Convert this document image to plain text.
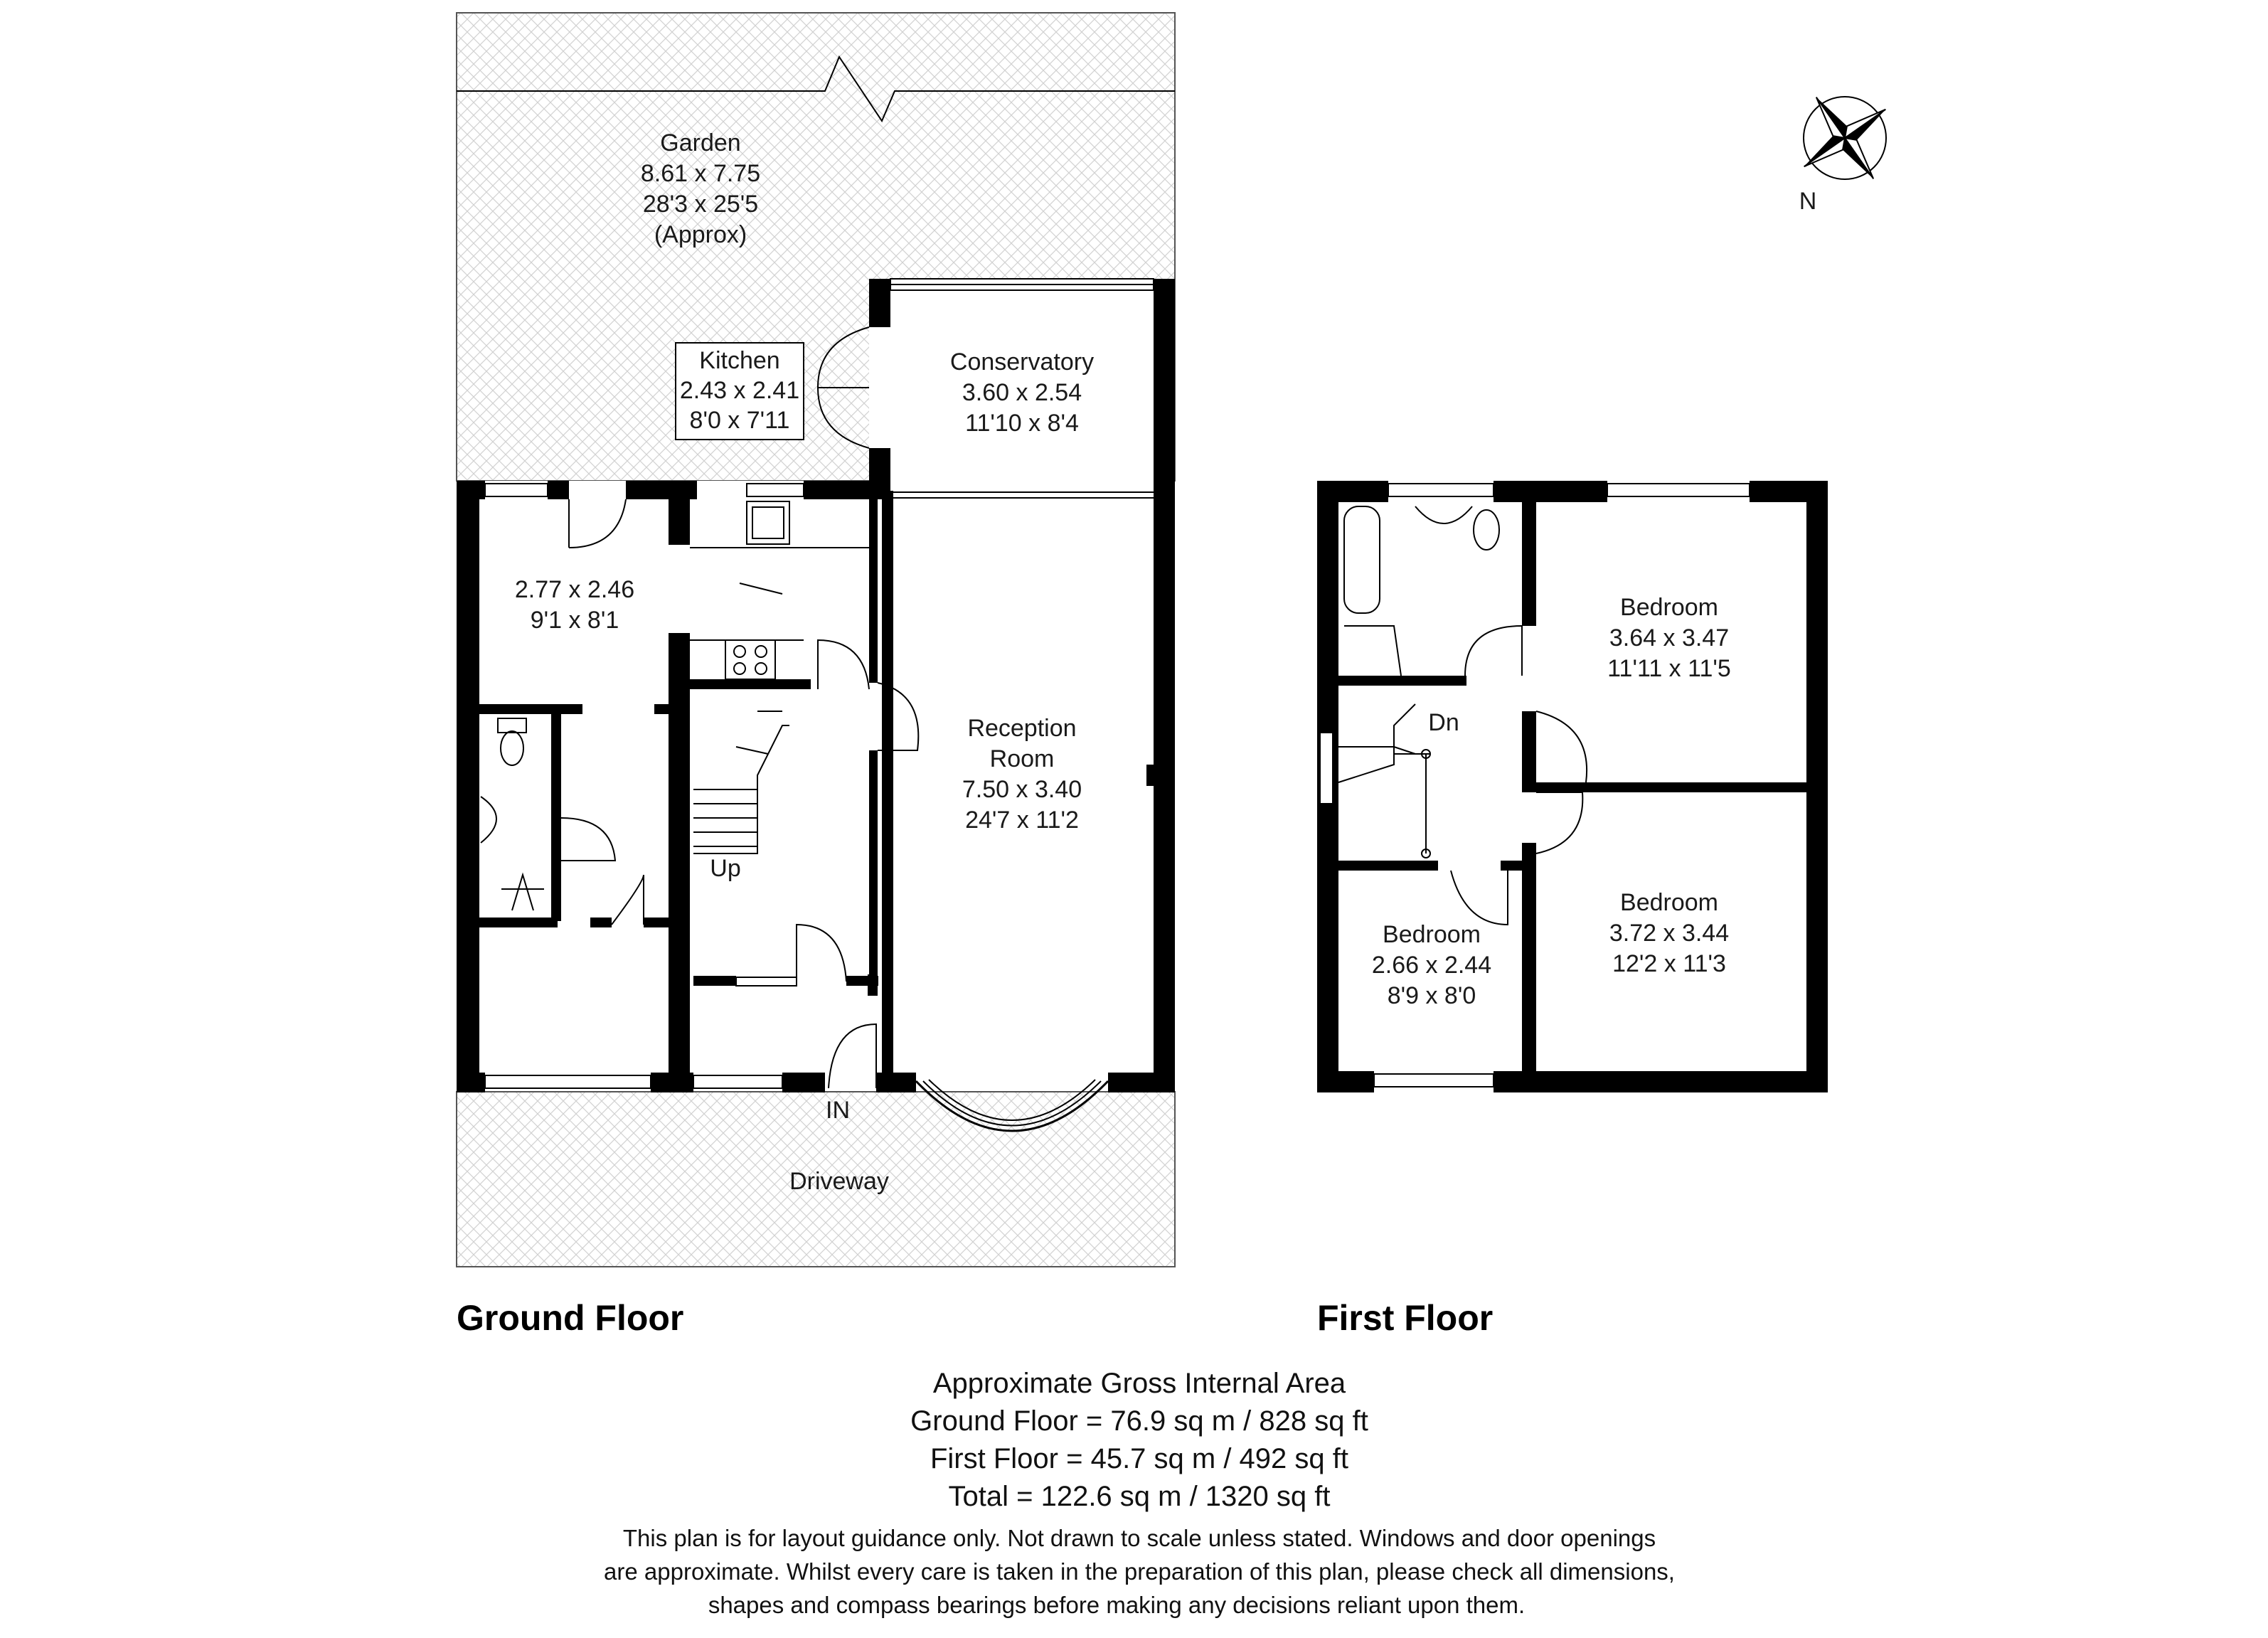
Garden
8.61 x 7.75
28'3 x 25'5
(Approx)
Kitchen
2.43 x 2.41
8'0 x 7'11
Conservatory
3.60 x 2.54
11'10 x 8'4
2.77 x 2.46
9'1 x 8'1
Reception
Room
7.50 x 3.40
24'7 x 11'2
Up
IN
Driveway
Ground Floor
Bedroom
3.64 x 3.47
11'11 x 11'5
Bedroom
3.72 x 3.44
12'2 x 11'3
Bedroom
2.66 x 2.44
8'9 x 8'0
Dn
First Floor
N
Approximate Gross Internal Area
Ground Floor = 76.9 sq m / 828 sq ft
First Floor = 45.7 sq m / 492 sq ft
Total = 122.6 sq m / 1320 sq ft
This plan is for layout guidance only. Not drawn to scale unless stated. Windows and door openings
are approximate. Whilst every care is taken in the preparation of this plan, please check all dimensions,
shapes and compass bearings before making any decisions reliant upon them.
